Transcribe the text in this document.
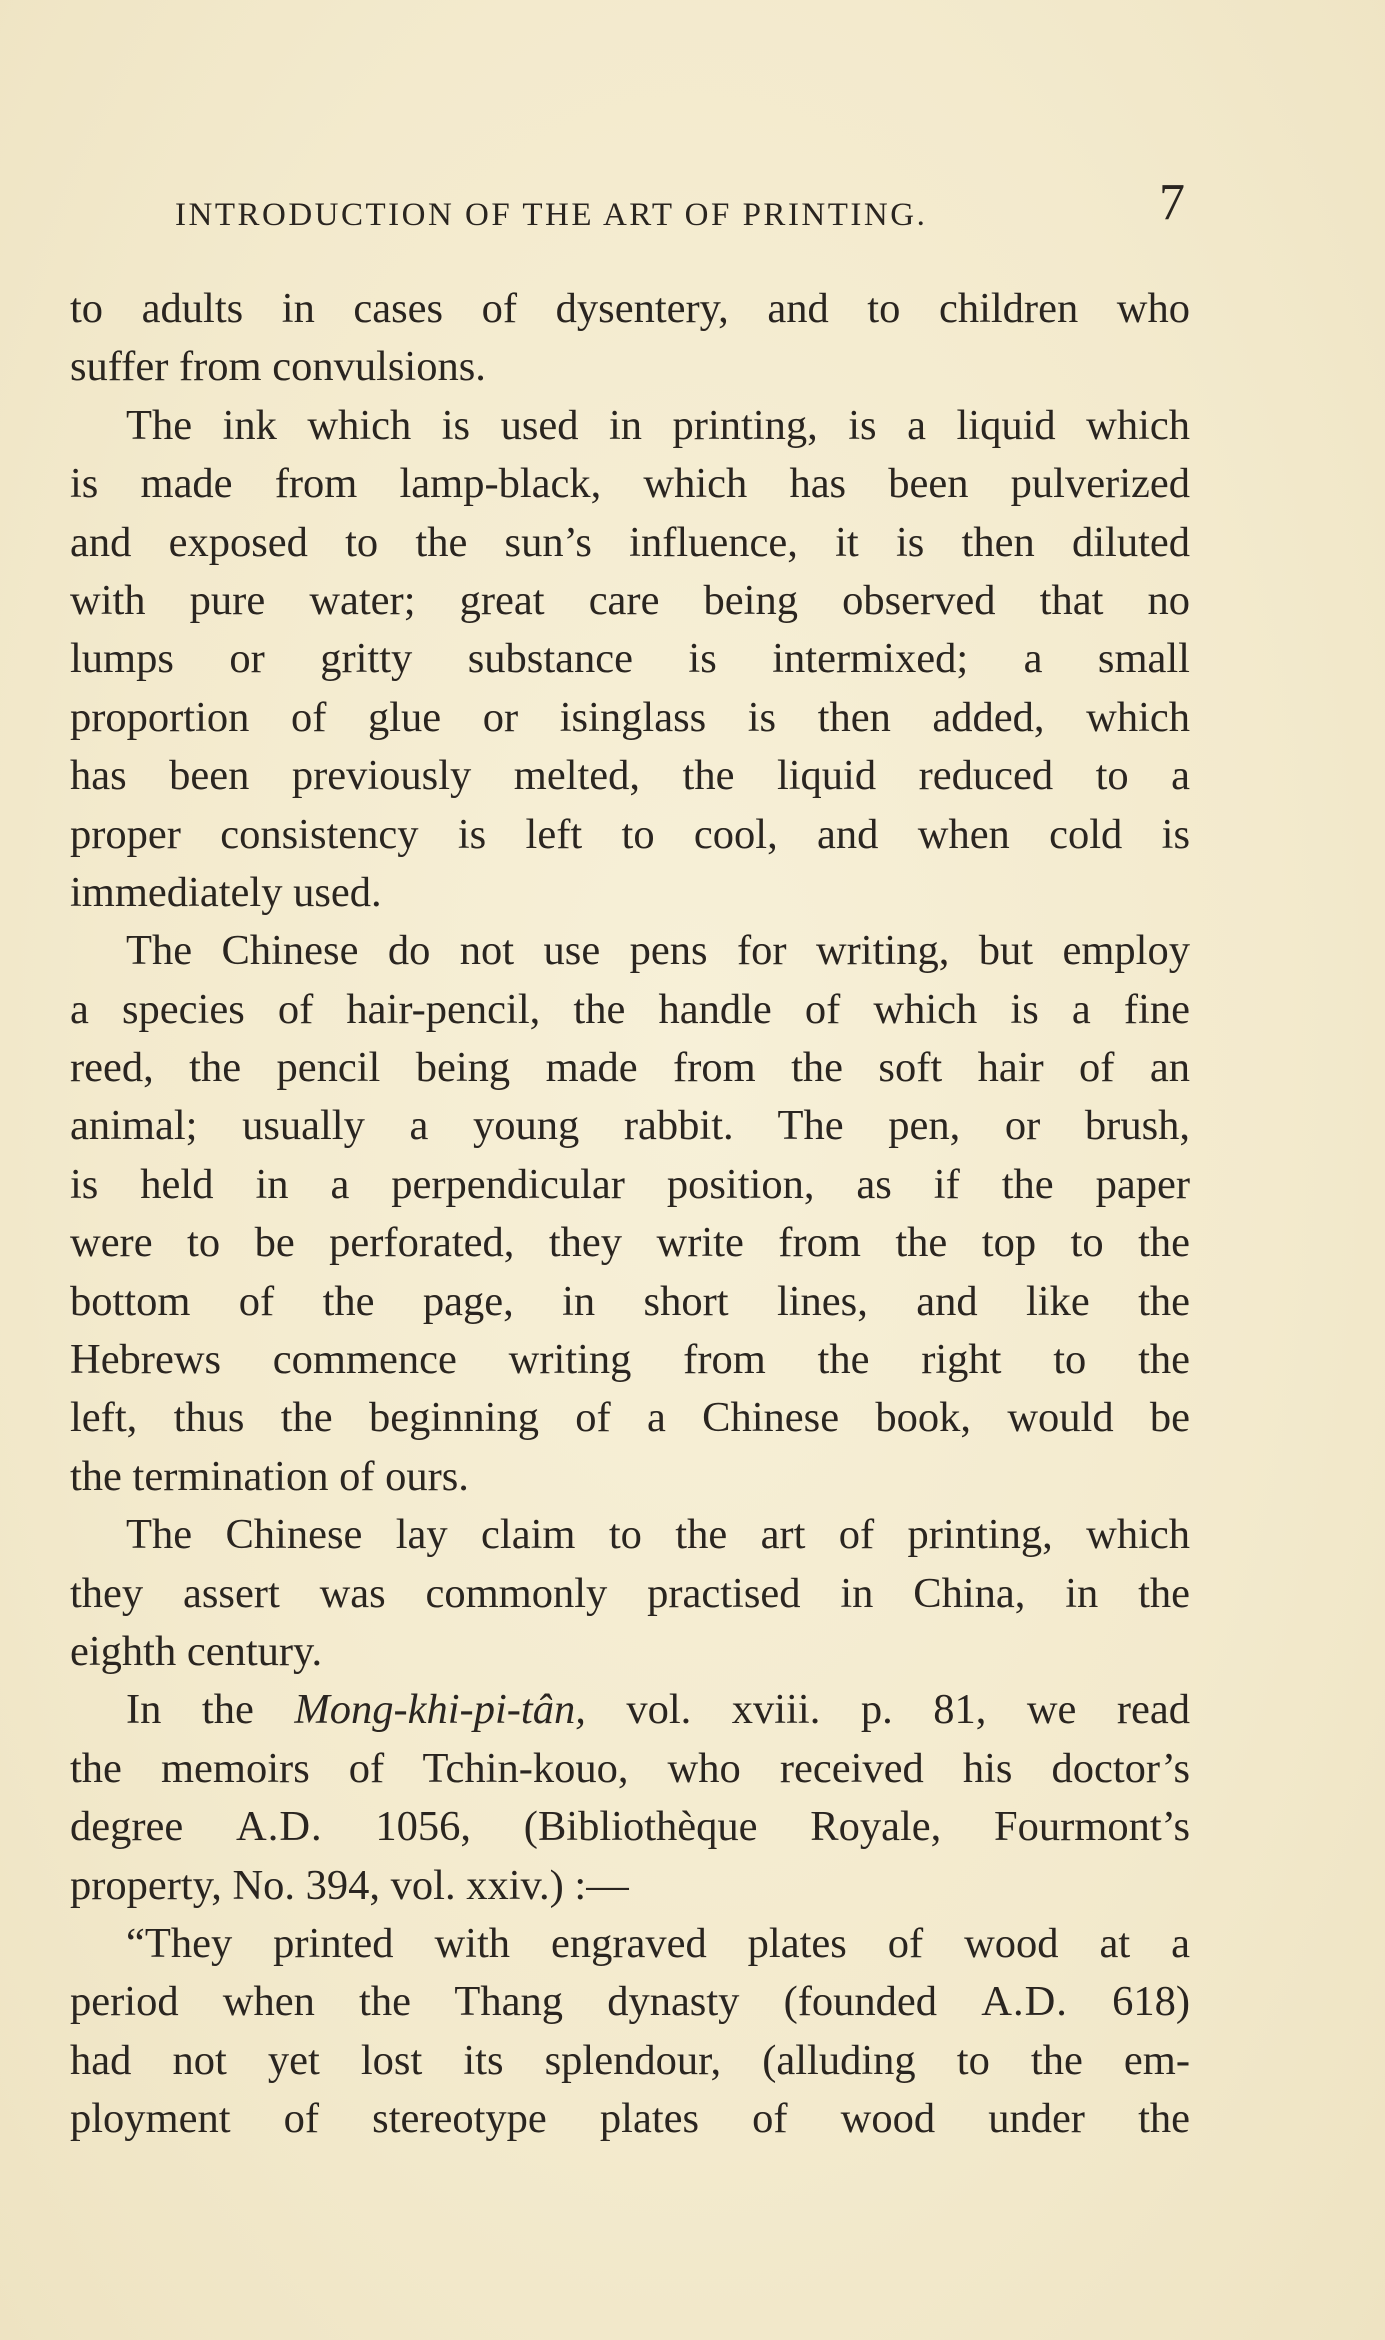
INTRODUCTION OF THE ART OF PRINTING.	7
to adults in cases of dysentery, and to children who
suffer from convulsions.
The ink which is used in printing, is a liquid which
is made from lamp-black, which has been pulverized
and exposed to the sun’s influence, it is then diluted
with pure water; great care being observed that no
lumps or gritty substance is intermixed; a small
proportion of glue or isinglass is then added, which
has been previously melted, the liquid reduced to a
proper consistency is left to cool, and when cold is
immediately used.
The Chinese do not use pens for writing, but employ
a species of hair-pencil, the handle of which is a fine
reed, the pencil being made from the soft hair of an
animal; usually a young rabbit. The pen, or brush,
is held in a perpendicular position, as if the paper
were to be perforated, they write from the top to the
bottom of the page, in short lines, and like the
Hebrews commence writing from the right to the
left, thus the beginning of a Chinese book, would be
the termination of ours.
The Chinese lay claim to the art of printing, which
they assert was commonly practised in China, in the
eighth century.
In the Mong-khi-pi-tân, vol. xviii. p. 81, we read
the memoirs of Tchin-kouo, who received his doctor’s
degree A.D. 1056, (Bibliothèque Royale, Fourmont’s
property, No. 394, vol. xxiv.) :—
“They printed with engraved plates of wood at a
period when the Thang dynasty (founded A.D. 618)
had not yet lost its splendour, (alluding to the em-
ployment of stereotype plates of wood under the
